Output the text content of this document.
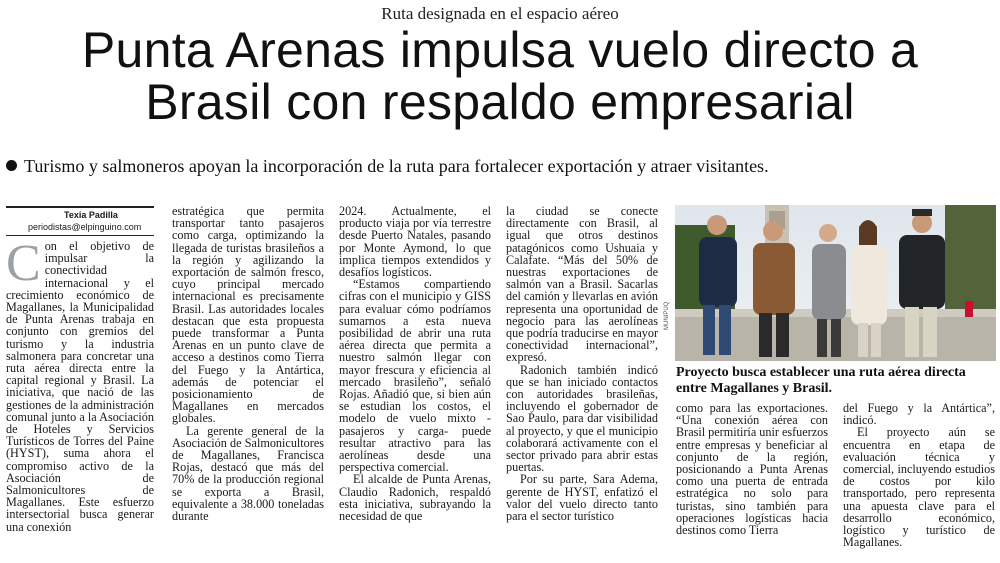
Ruta designada en el espacio aéreo
Punta Arenas impulsa vuelo directo a Brasil con respaldo empresarial
Turismo y salmoneros apoyan la incorporación de la ruta para fortalecer exportación y atraer visitantes.
Texia Padilla
periodistas@elpinguino.com
C on el objetivo de impulsar la conectividad internacional y el crecimiento económico de Magallanes, la Municipalidad de Punta Arenas trabaja en conjunto con gremios del turismo y la industria salmonera para concretar una ruta aérea directa entre la capital regional y Brasil. La iniciativa, que nació de las gestiones de la administración comunal junto a la Asociación de Hoteles y Servicios Turísticos de Torres del Paine (HYST), suma ahora el compromiso activo de la Asociación de Salmonicultores de Magallanes. Este esfuerzo intersectorial busca generar una conexión

estratégica que permita transportar tanto pasajeros como carga, optimizando la llegada de turistas brasileños a la región y agilizando la exportación de salmón fresco, cuyo principal mercado internacional es precisamente Brasil. Las autoridades locales destacan que esta propuesta puede transformar a Punta Arenas en un punto clave de acceso a destinos como Tierra del Fuego y la Antártica, además de potenciar el posicionamiento de Magallanes en mercados globales.

La gerente general de la Asociación de Salmonicultores de Magallanes, Francisca Rojas, destacó que más del 70% de la producción regional se exporta a Brasil, equivalente a 38.000 toneladas durante

2024. Actualmente, el producto viaja por vía terrestre desde Puerto Natales, pasando por Monte Aymond, lo que implica tiempos extendidos y desafíos logísticos.

“Estamos compartiendo cifras con el municipio y GISS para evaluar cómo podríamos sumarnos a esta nueva posibilidad de abrir una ruta aérea directa que permita a nuestro salmón llegar con mayor frescura y eficiencia al mercado brasileño”, señaló Rojas. Añadió que, si bien aún se estudian los costos, el modelo de vuelo mixto -pasajeros y carga- puede resultar atractivo para las aerolíneas desde una perspectiva comercial.

El alcalde de Punta Arenas, Claudio Radonich, respaldó esta iniciativa, subrayando la necesidad de que

la ciudad se conecte directamente con Brasil, al igual que otros destinos patagónicos como Ushuaia y Calafate. “Más del 50% de nuestras exportaciones de salmón van a Brasil. Sacarlas del camión y llevarlas en avión representa una oportunidad de negocio para las aerolíneas que podría traducirse en mayor conectividad internacional”, expresó.

Radonich también indicó que se han iniciado contactos con autoridades brasileñas, incluyendo el gobernador de Sao Paulo, para dar visibilidad al proyecto, y que el municipio colaborará activamente con el sector privado para abrir estas puertas.

Por su parte, Sara Adema, gerente de HYST, enfatizó el valor del vuelo directo tanto para el sector turístico

MUNIPUQ
Proyecto busca establecer una ruta aérea directa entre Magallanes y Brasil.

como para las exportaciones. “Una conexión aérea con Brasil permitiría unir esfuerzos entre empresas y beneficiar al conjunto de la región, posicionando a Punta Arenas como una puerta de entrada estratégica no solo para turistas, sino también para operaciones logísticas hacia destinos como Tierra

del Fuego y la Antártica”, indicó.

El proyecto aún se encuentra en etapa de evaluación técnica y comercial, incluyendo estudios de costos por kilo transportado, pero representa una apuesta clave para el desarrollo económico, logístico y turístico de Magallanes.
